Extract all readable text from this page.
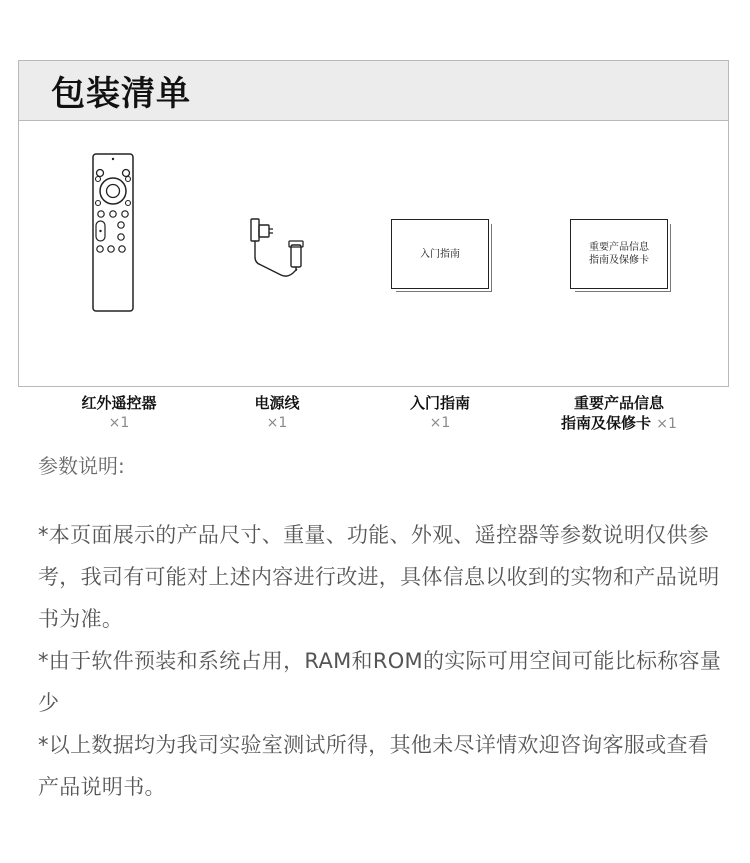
包装清单
红外遥控器
×1
电源线
×1
入门指南
入门指南
×1
重要产品信息
指南及保修卡
重要产品信息
指南及保修卡 ×1

参数说明:

*本页面展示的产品尺寸、重量、功能、外观、遥控器等参数说明仅供参考，我司有可能对上述内容进行改进，具体信息以收到的实物和产品说明书为准。

*由于软件预装和系统占用，RAM和ROM的实际可用空间可能比标称容量少

*以上数据均为我司实验室测试所得，其他未尽详情欢迎咨询客服或查看产品说明书。
